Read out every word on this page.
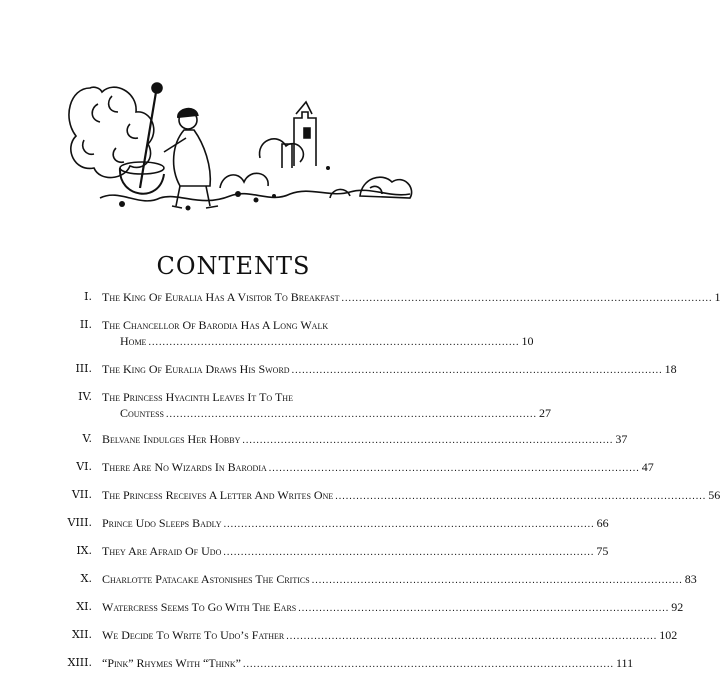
CONTENTS
I. The King Of Euralia Has A Visitor To Breakfast .......................................................................................................... 1
II. The Chancellor Of Barodia Has A Long Walk
Home .......................................................................................................... 10
III. The King Of Euralia Draws His Sword .......................................................................................................... 18
IV. The Princess Hyacinth Leaves It To The
Countess .......................................................................................................... 27
V. Belvane Indulges Her Hobby .......................................................................................................... 37
VI. There Are No Wizards In Barodia .......................................................................................................... 47
VII. The Princess Receives A Letter And Writes One .......................................................................................................... 56
VIII. Prince Udo Sleeps Badly .......................................................................................................... 66
IX. They Are Afraid Of Udo .......................................................................................................... 75
X. Charlotte Patacake Astonishes The Critics .......................................................................................................... 83
XI. Watercress Seems To Go With The Ears .......................................................................................................... 92
XII. We Decide To Write To Udo’s Father .......................................................................................................... 102
XIII. “Pink” Rhymes With “Think” .......................................................................................................... 111
